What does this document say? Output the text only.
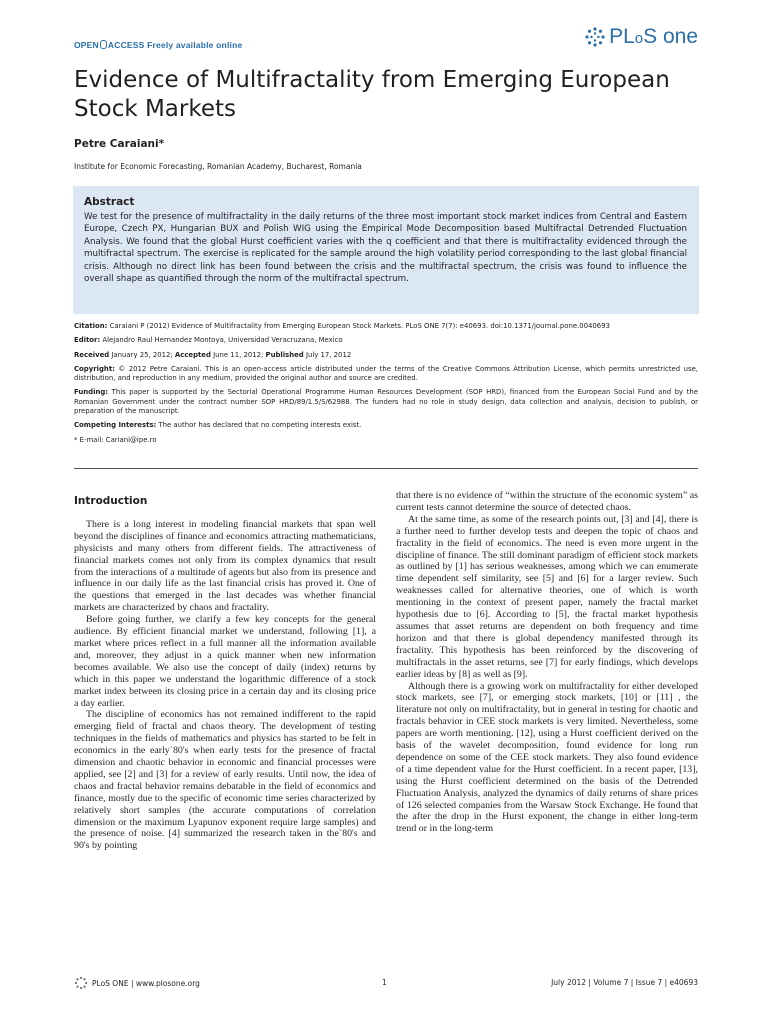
OPEN ACCESS Freely available online	PLoS one
Evidence of Multifractality from Emerging European Stock Markets
Petre Caraiani*
Institute for Economic Forecasting, Romanian Academy, Bucharest, Romania
Abstract

We test for the presence of multifractality in the daily returns of the three most important stock market indices from Central and Eastern Europe, Czech PX, Hungarian BUX and Polish WIG using the Empirical Mode Decomposition based Multifractal Detrended Fluctuation Analysis. We found that the global Hurst coefficient varies with the q coefficient and that there is multifractality evidenced through the multifractal spectrum. The exercise is replicated for the sample around the high volatility period corresponding to the last global financial crisis. Although no direct link has been found between the crisis and the multifractal spectrum, the crisis was found to influence the overall shape as quantified through the norm of the multifractal spectrum.

Citation: Caraiani P (2012) Evidence of Multifractality from Emerging European Stock Markets. PLoS ONE 7(7): e40693. doi:10.1371/journal.pone.0040693
Editor: Alejandro Raul Hernandez Montoya, Universidad Veracruzana, Mexico
Received January 25, 2012; Accepted June 11, 2012; Published July 17, 2012
Copyright: © 2012 Petre Caraiani. This is an open-access article distributed under the terms of the Creative Commons Attribution License, which permits unrestricted use, distribution, and reproduction in any medium, provided the original author and source are credited.
Funding: This paper is supported by the Sectorial Operational Programme Human Resources Development (SOP HRD), financed from the European Social Fund and by the Romanian Government under the contract number SOP HRD/89/1.5/S/62988. The funders had no role in study design, data collection and analysis, decision to publish, or preparation of the manuscript.
Competing Interests: The author has declared that no competing interests exist.
* E-mail: Cariani@ipe.ro
Introduction

There is a long interest in modeling financial markets that span well beyond the disciplines of finance and economics attracting mathematicians, physicists and many others from different fields. The attractiveness of financial markets comes not only from its complex dynamics that result from the interactions of a multitude of agents but also from its presence and influence in our daily life as the last financial crisis has proved it. One of the questions that emerged in the last decades was whether financial markets are characterized by chaos and fractality.

Before going further, we clarify a few key concepts for the general audience. By efficient financial market we understand, following [1], a market where prices reflect in a full manner all the information available and, moreover, they adjust in a quick manner when new information becomes available. We also use the concept of daily (index) returns by which in this paper we understand the logarithmic difference of a stock market index between its closing price in a certain day and its closing price a day earlier.

The discipline of economics has not remained indifferent to the rapid emerging field of fractal and chaos theory. The development of testing techniques in the fields of mathematics and physics has started to be felt in economics in the early`80's when early tests for the presence of fractal dimension and chaotic behavior in economic and financial processes were applied, see [2] and [3] for a review of early results. Until now, the idea of chaos and fractal behavior remains debatable in the field of economics and finance, mostly due to the specific of economic time series characterized by relatively short samples (the accurate computations of correlation dimension or the maximum Lyapunov exponent require large samples) and the presence of noise. [4] summarized the research taken in the`80's and 90's by pointing

that there is no evidence of “within the structure of the economic system” as current tests cannot determine the source of detected chaos.

At the same time, as some of the research points out, [3] and [4], there is a further need to further develop tests and deepen the topic of chaos and fractality in the field of economics. The need is even more urgent in the discipline of finance. The still dominant paradigm of efficient stock markets as outlined by [1] has serious weaknesses, among which we can enumerate time dependent self similarity, see [5] and [6] for a larger review. Such weaknesses called for alternative theories, one of which is worth mentioning in the context of present paper, namely the fractal market hypothesis due to [6]. According to [5], the fractal market hypothesis assumes that asset returns are dependent on both frequency and time horizon and that there is global dependency manifested through its fractality. This hypothesis has been reinforced by the discovering of multifractals in the asset returns, see [7] for early findings, which develops earlier ideas by [8] as well as [9].

Although there is a growing work on multifractality for either developed stock markets, see [7], or emerging stock markets, [10] or [11] , the literature not only on multifractality, but in general in testing for chaotic and fractals behavior in CEE stock markets is very limited. Nevertheless, some papers are worth mentioning. [12], using a Hurst coefficient derived on the basis of the wavelet decomposition, found evidence for long run dependence on some of the CEE stock markets. They also found evidence of a time dependent value for the Hurst coefficient. In a recent paper, [13], using the Hurst coefficient determined on the basis of the Detrended Fluctuation Analysis, analyzed the dynamics of daily returns of share prices of 126 selected companies from the Warsaw Stock Exchange. He found that the after the drop in the Hurst exponent, the change in either long-term trend or in the long-term

PLoS ONE | www.plosone.org	1	July 2012 | Volume 7 | Issue 7 | e40693
